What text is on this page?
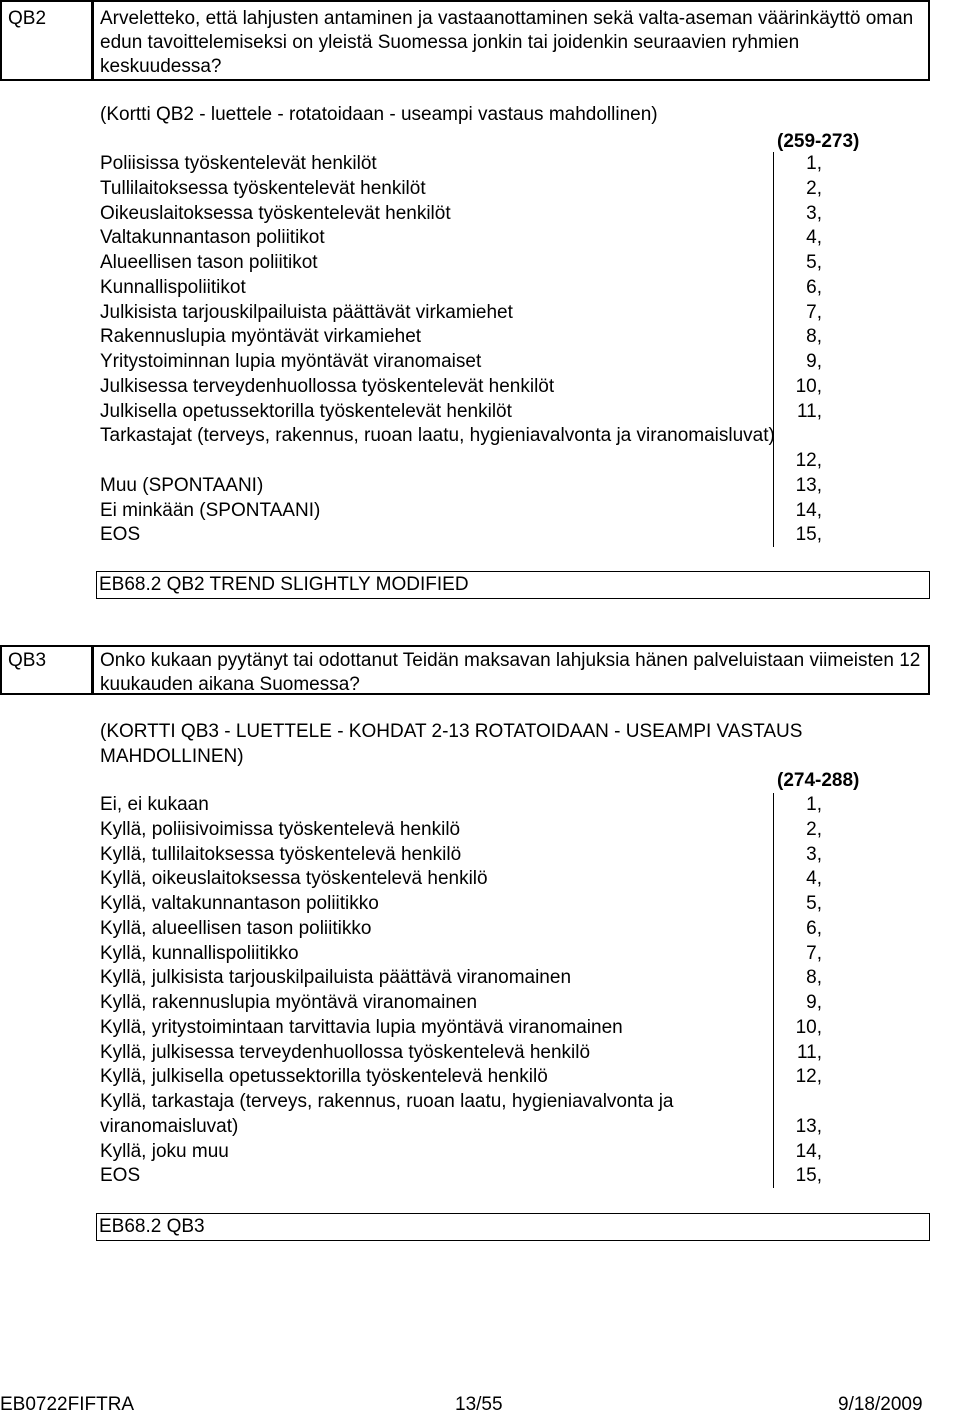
QB2	Arveletteko, että lahjusten antaminen ja vastaanottaminen sekä valta-aseman väärinkäyttö oman edun tavoittelemiseksi on yleistä Suomessa jonkin tai joidenkin seuraavien ryhmien keskuudessa?
(Kortti QB2 - luettele - rotatoidaan - useampi vastaus mahdollinen)
(259-273)
Poliisissa työskentelevät henkilöt	1,
Tullilaitoksessa työskentelevät henkilöt	2,
Oikeuslaitoksessa työskentelevät henkilöt	3,
Valtakunnantason poliitikot	4,
Alueellisen tason poliitikot	5,
Kunnallispoliitikot	6,
Julkisista tarjouskilpailuista päättävät virkamiehet	7,
Rakennuslupia myöntävät virkamiehet	8,
Yritystoiminnan lupia myöntävät viranomaiset	9,
Julkisessa terveydenhuollossa työskentelevät henkilöt	10,
Julkisella opetussektorilla työskentelevät henkilöt	11,
Tarkastajat (terveys, rakennus, ruoan laatu, hygieniavalvonta ja viranomaisluvat)
12,
Muu (SPONTAANI)	13,
Ei minkään (SPONTAANI)	14,
EOS	15,
EB68.2 QB2 TREND SLIGHTLY MODIFIED
QB3	Onko kukaan pyytänyt tai odottanut Teidän maksavan lahjuksia hänen palveluistaan viimeisten 12 kuukauden aikana Suomessa?
(KORTTI QB3 - LUETTELE - KOHDAT 2-13 ROTATOIDAAN - USEAMPI VASTAUS MAHDOLLINEN)
(274-288)
Ei, ei kukaan	1,
Kyllä, poliisivoimissa työskentelevä henkilö	2,
Kyllä, tullilaitoksessa työskentelevä henkilö	3,
Kyllä, oikeuslaitoksessa työskentelevä henkilö	4,
Kyllä, valtakunnantason poliitikko	5,
Kyllä, alueellisen tason poliitikko	6,
Kyllä, kunnallispoliitikko	7,
Kyllä, julkisista tarjouskilpailuista päättävä viranomainen	8,
Kyllä, rakennuslupia myöntävä viranomainen	9,
Kyllä, yritystoimintaan tarvittavia lupia myöntävä viranomainen	10,
Kyllä, julkisessa terveydenhuollossa työskentelevä henkilö	11,
Kyllä, julkisella opetussektorilla työskentelevä henkilö	12,
Kyllä, tarkastaja (terveys, rakennus, ruoan laatu, hygieniavalvonta ja viranomaisluvat)	13,
Kyllä, joku muu	14,
EOS	15,
EB68.2 QB3
EB0722FIFTRA	13/55	9/18/2009
